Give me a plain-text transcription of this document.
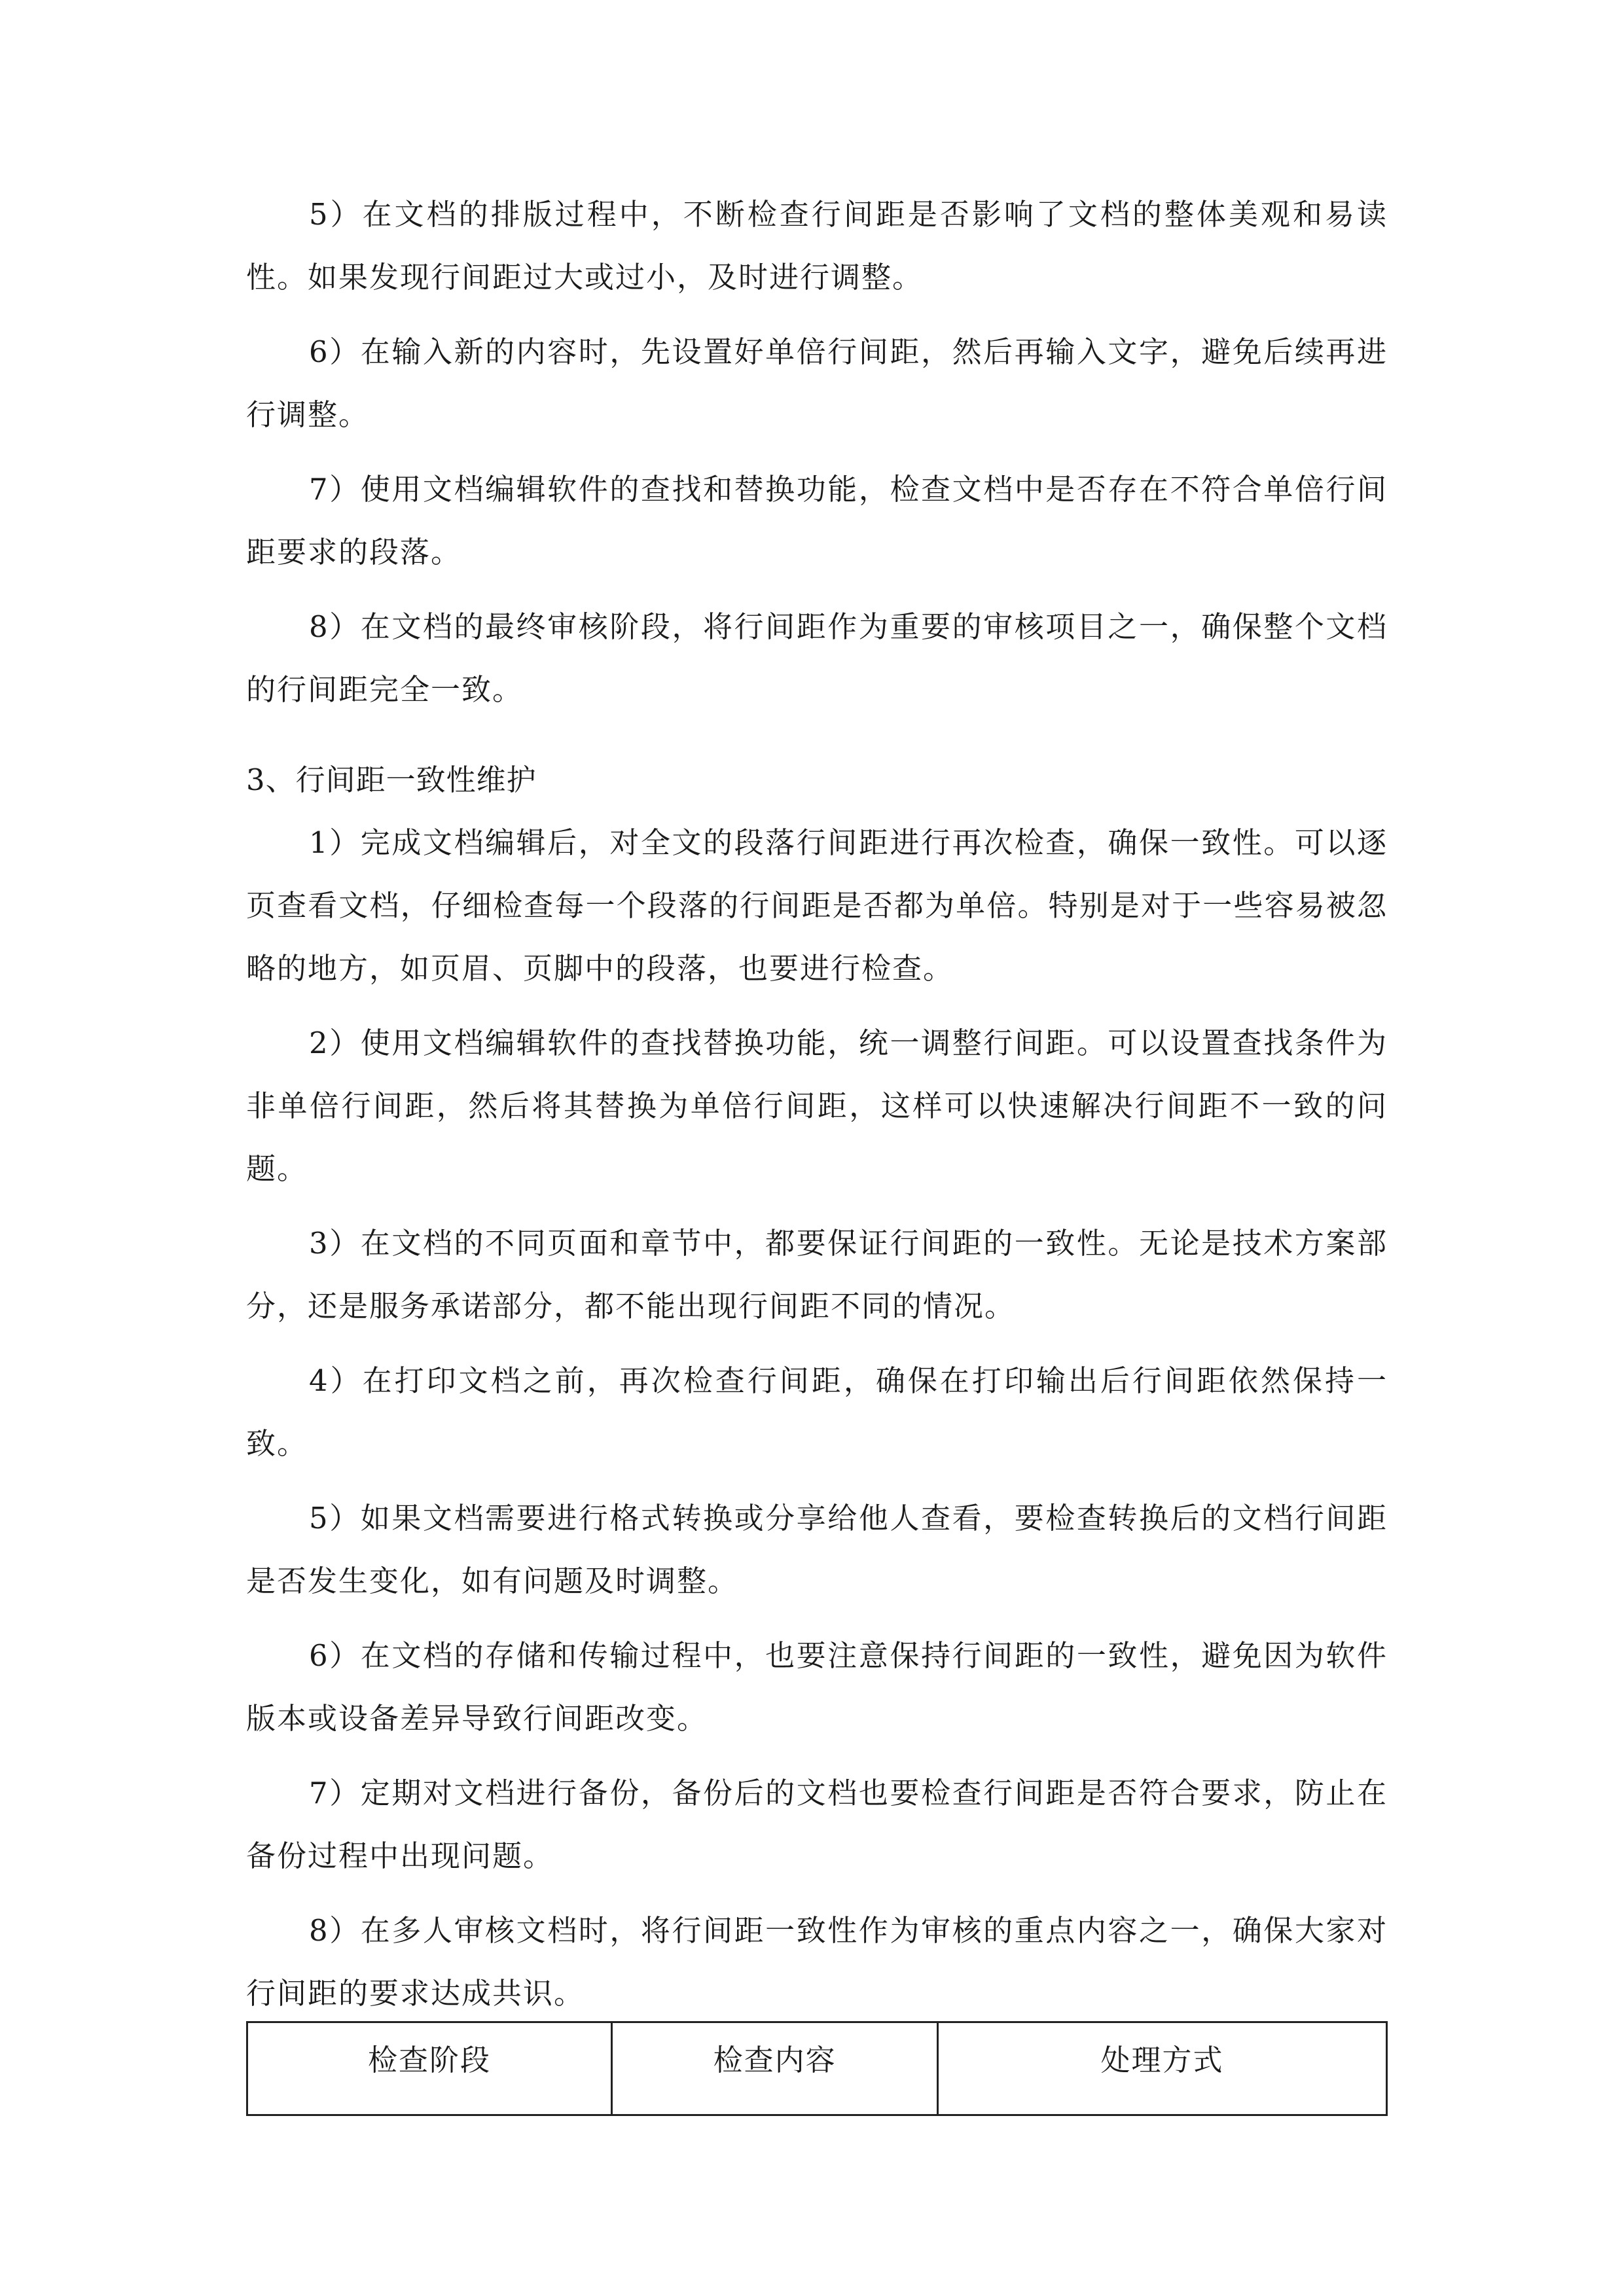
5）在文档的排版过程中，不断检查行间距是否影响了文档的整体美观和易读性。如果发现行间距过大或过小，及时进行调整。

6）在输入新的内容时，先设置好单倍行间距，然后再输入文字，避免后续再进行调整。

7）使用文档编辑软件的查找和替换功能，检查文档中是否存在不符合单倍行间距要求的段落。

8）在文档的最终审核阶段，将行间距作为重要的审核项目之一，确保整个文档的行间距完全一致。

3、行间距一致性维护

1）完成文档编辑后，对全文的段落行间距进行再次检查，确保一致性。可以逐页查看文档，仔细检查每一个段落的行间距是否都为单倍。特别是对于一些容易被忽略的地方，如页眉、页脚中的段落，也要进行检查。

2）使用文档编辑软件的查找替换功能，统一调整行间距。可以设置查找条件为非单倍行间距，然后将其替换为单倍行间距，这样可以快速解决行间距不一致的问题。

3）在文档的不同页面和章节中，都要保证行间距的一致性。无论是技术方案部分，还是服务承诺部分，都不能出现行间距不同的情况。

4）在打印文档之前，再次检查行间距，确保在打印输出后行间距依然保持一致。

5）如果文档需要进行格式转换或分享给他人查看，要检查转换后的文档行间距是否发生变化，如有问题及时调整。

6）在文档的存储和传输过程中，也要注意保持行间距的一致性，避免因为软件版本或设备差异导致行间距改变。

7）定期对文档进行备份，备份后的文档也要检查行间距是否符合要求，防止在备份过程中出现问题。

8）在多人审核文档时，将行间距一致性作为审核的重点内容之一，确保大家对行间距的要求达成共识。

检查阶段	检查内容	处理方式
